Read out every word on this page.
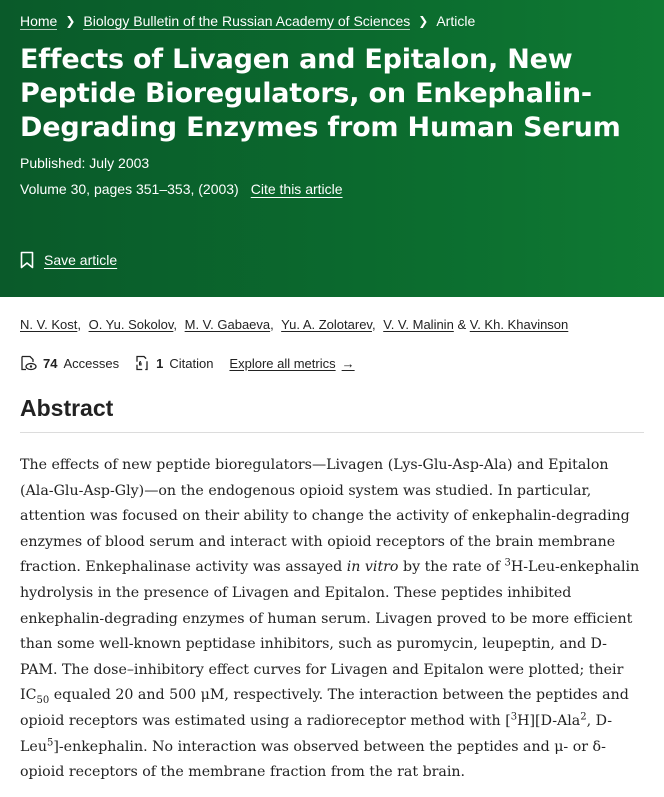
Home ❯ Biology Bulletin of the Russian Academy of Sciences ❯ Article
Effects of Livagen and Epitalon, New Peptide Bioregulators, on Enkephalin-Degrading Enzymes from Human Serum
Published: July 2003
Volume 30, pages 351–353, (2003) Cite this article
Save article
N. V. Kost, O. Yu. Sokolov, M. V. Gabaeva, Yu. A. Zolotarev, V. V. Malinin & V. Kh. Khavinson
74 Accesses	1 Citation Explore all metrics →
Abstract

The effects of new peptide bioregulators—Livagen (Lys-Glu-Asp-Ala) and Epitalon (Ala-Glu-Asp-Gly)—on the endogenous opioid system was studied. In particular, attention was focused on their ability to change the activity of enkephalin-degrading enzymes of blood serum and interact with opioid receptors of the brain membrane fraction. Enkephalinase activity was assayed in vitro by the rate of $^3$H-Leu-enkephalin hydrolysis in the presence of Livagen and Epitalon. These peptides inhibited enkephalin-degrading enzymes of human serum. Livagen proved to be more efficient than some well-known peptidase inhibitors, such as puromycin, leupeptin, and D-PAM. The dose–inhibitory effect curves for Livagen and Epitalon were plotted; their $IC_{50}$ equaled 20 and 500 μM, respectively. The interaction between the peptides and opioid receptors was estimated using a radioreceptor method with [$^3$H][D-Ala$^2$, D-Leu$^5$]-enkephalin. No interaction was observed between the peptides and μ- or δ-opioid receptors of the membrane fraction from the rat brain.
